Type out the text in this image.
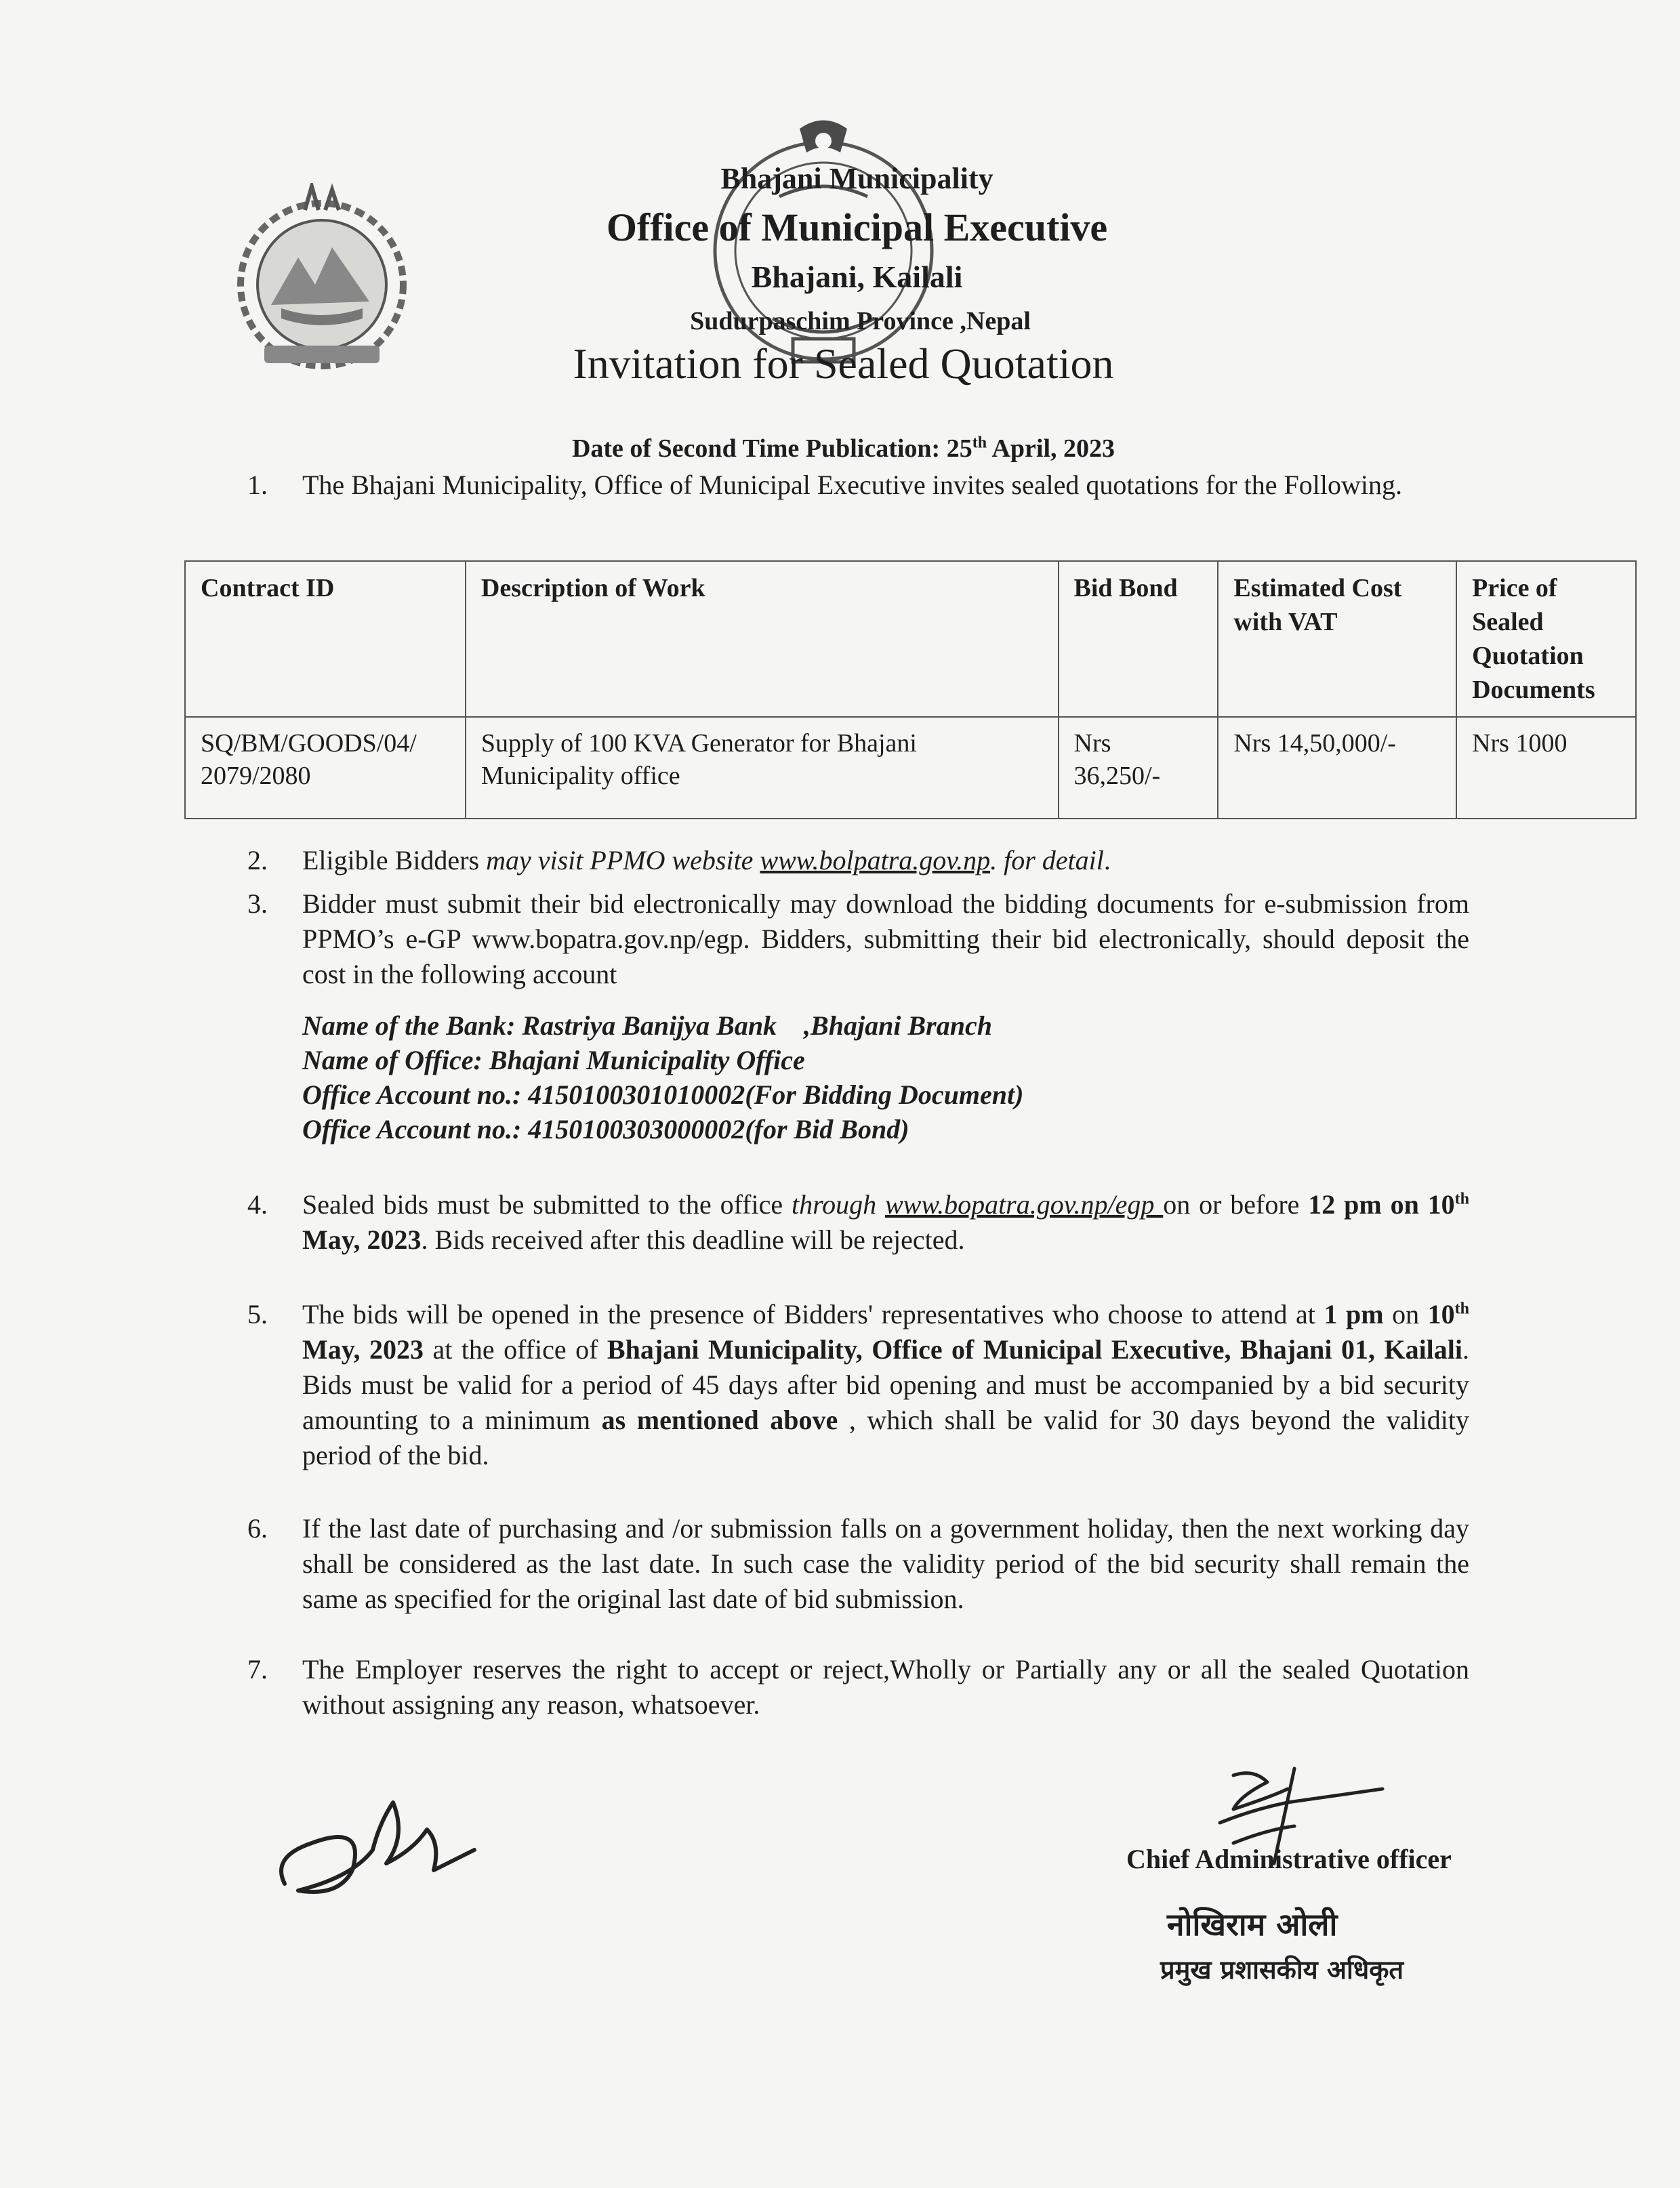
Bhajani Municipality
Office of Municipal Executive
Bhajani, Kailali
Sudurpaschim Province ,Nepal
Invitation for Sealed Quotation
Date of Second Time Publication: 25th April, 2023
1. The Bhajani Municipality, Office of Municipal Executive invites sealed quotations for the Following.
Contract ID	Description of Work	Bid Bond	Estimated Cost with VAT	Price of Sealed Quotation Documents
SQ/BM/GOODS/04/ 2079/2080	Supply of 100 KVA Generator for Bhajani Municipality office	Nrs 36,250/-	Nrs 14,50,000/-	Nrs 1000
2. Eligible Bidders may visit PPMO website www.bolpatra.gov.np. for detail.
3. Bidder must submit their bid electronically may download the bidding documents for e-submission from PPMO’s e-GP www.bopatra.gov.np/egp. Bidders, submitting their bid electronically, should deposit the cost in the following account
Name of the Bank: Rastriya Banijya Bank    ,Bhajani Branch
Name of Office: Bhajani Municipality Office
Office Account no.: 4150100301010002(For Bidding Document)
Office Account no.: 4150100303000002(for Bid Bond)
4. Sealed bids must be submitted to the office through www.bopatra.gov.np/egp on or before 12 pm on 10th May, 2023. Bids received after this deadline will be rejected.
5. The bids will be opened in the presence of Bidders' representatives who choose to attend at 1 pm on 10th May, 2023 at the office of Bhajani Municipality, Office of Municipal Executive, Bhajani 01, Kailali. Bids must be valid for a period of 45 days after bid opening and must be accompanied by a bid security amounting to a minimum as mentioned above , which shall be valid for 30 days beyond the validity period of the bid.
6. If the last date of purchasing and /or submission falls on a government holiday, then the next working day shall be considered as the last date. In such case the validity period of the bid security shall remain the same as specified for the original last date of bid submission.
7. The Employer reserves the right to accept or reject,Wholly or Partially any or all the sealed Quotation without assigning any reason, whatsoever.
Chief Administrative officer
नोखिराम ओली
प्रमुख प्रशासकीय अधिकृत
